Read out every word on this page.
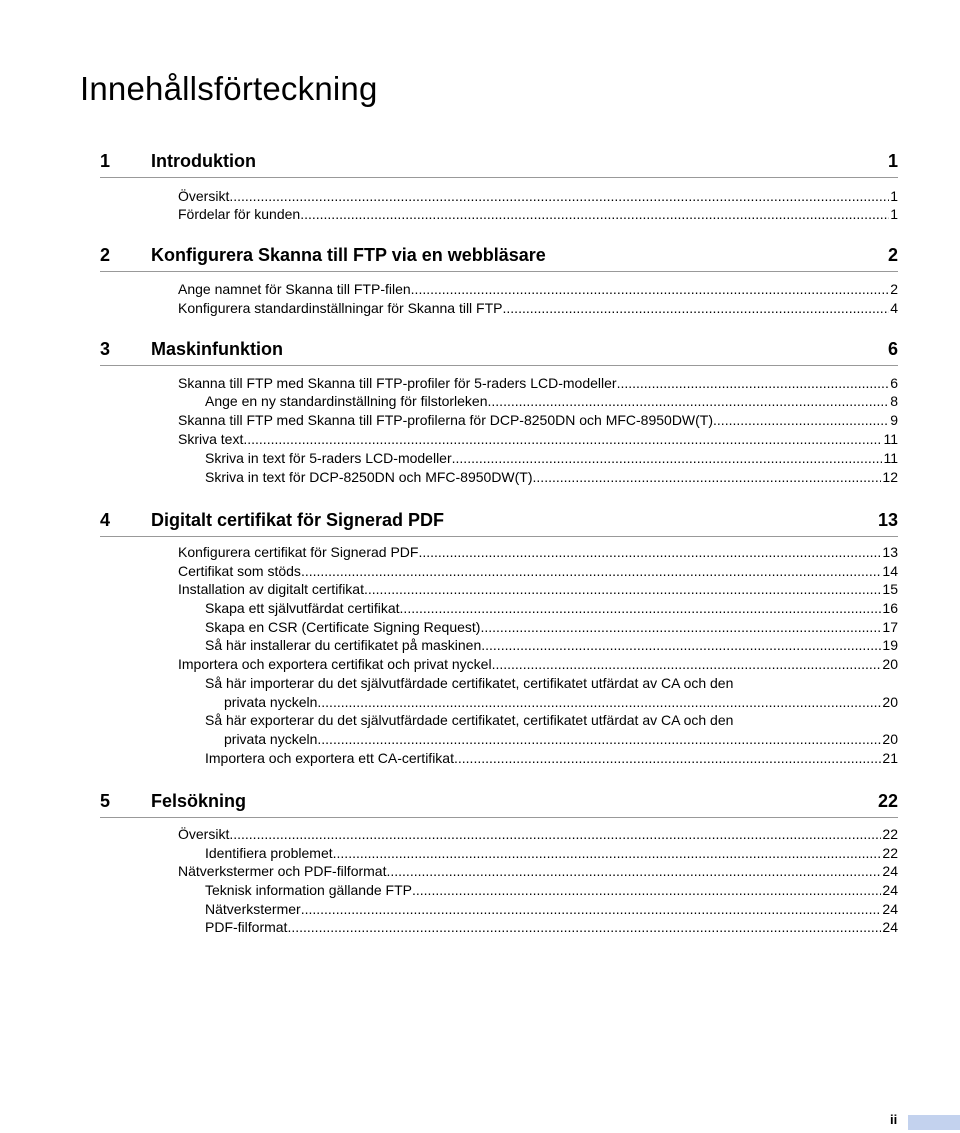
Innehållsförteckning
1 Introduktion	1
Översikt .....	1
Fördelar för kunden .....	1
2 Konfigurera Skanna till FTP via en webbläsare	2
Ange namnet för Skanna till FTP-filen .....	2
Konfigurera standardinställningar för Skanna till FTP .....	4
3 Maskinfunktion	6
Skanna till FTP med Skanna till FTP-profiler för 5-raders LCD-modeller .....	6
Ange en ny standardinställning för filstorleken .....	8
Skanna till FTP med Skanna till FTP-profilerna för DCP-8250DN och MFC-8950DW(T) .....	9
Skriva text .....	11
Skriva in text för 5-raders LCD-modeller .....	11
Skriva in text för DCP-8250DN och MFC-8950DW(T) .....	12
4 Digitalt certifikat för Signerad PDF	13
Konfigurera certifikat för Signerad PDF .....	13
Certifikat som stöds .....	14
Installation av digitalt certifikat .....	15
Skapa ett självutfärdat certifikat .....	16
Skapa en CSR (Certificate Signing Request) .....	17
Så här installerar du certifikatet på maskinen .....	19
Importera och exportera certifikat och privat nyckel .....	20
Så här importerar du det självutfärdade certifikatet, certifikatet utfärdat av CA och den
privata nyckeln .....	20
Så här exporterar du det självutfärdade certifikatet, certifikatet utfärdat av CA och den
privata nyckeln .....	20
Importera och exportera ett CA-certifikat .....	21
5 Felsökning	22
Översikt .....	22
Identifiera problemet .....	22
Nätverkstermer och PDF-filformat .....	24
Teknisk information gällande FTP .....	24
Nätverkstermer .....	24
PDF-filformat .....	24
ii
